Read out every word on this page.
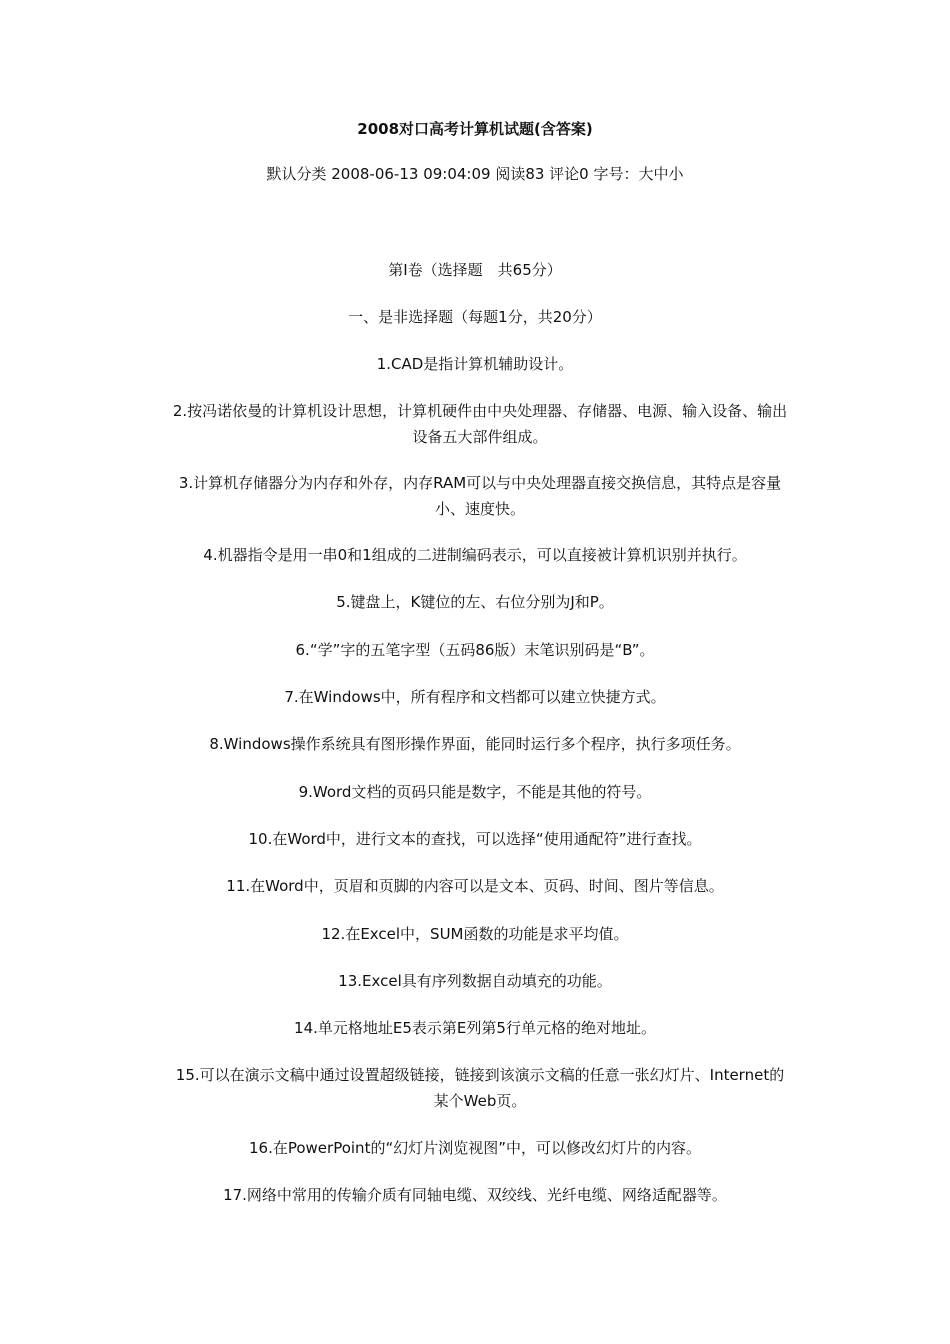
2008对口高考计算机试题(含答案)
默认分类 2008-06-13 09:04:09 阅读83 评论0 字号：大中小
第I卷（选择题　共65分）
一、是非选择题（每题1分，共20分）
1.CAD是指计算机辅助设计。
2.按冯诺依曼的计算机设计思想，计算机硬件由中央处理器、存储器、电源、输入设备、输出设备五大部件组成。
3.计算机存储器分为内存和外存，内存RAM可以与中央处理器直接交换信息，其特点是容量小、速度快。
4.机器指令是用一串0和1组成的二进制编码表示，可以直接被计算机识别并执行。
5.键盘上，K键位的左、右位分别为J和P。
6.“学”字的五笔字型（五码86版）末笔识别码是“B”。
7.在Windows中，所有程序和文档都可以建立快捷方式。
8.Windows操作系统具有图形操作界面，能同时运行多个程序，执行多项任务。
9.Word文档的页码只能是数字，不能是其他的符号。
10.在Word中，进行文本的查找，可以选择“使用通配符”进行查找。
11.在Word中，页眉和页脚的内容可以是文本、页码、时间、图片等信息。
12.在Excel中，SUM函数的功能是求平均值。
13.Excel具有序列数据自动填充的功能。
14.单元格地址E5表示第E列第5行单元格的绝对地址。
15.可以在演示文稿中通过设置超级链接，链接到该演示文稿的任意一张幻灯片、Internet的某个Web页。
16.在PowerPoint的“幻灯片浏览视图”中，可以修改幻灯片的内容。
17.网络中常用的传输介质有同轴电缆、双绞线、光纤电缆、网络适配器等。
